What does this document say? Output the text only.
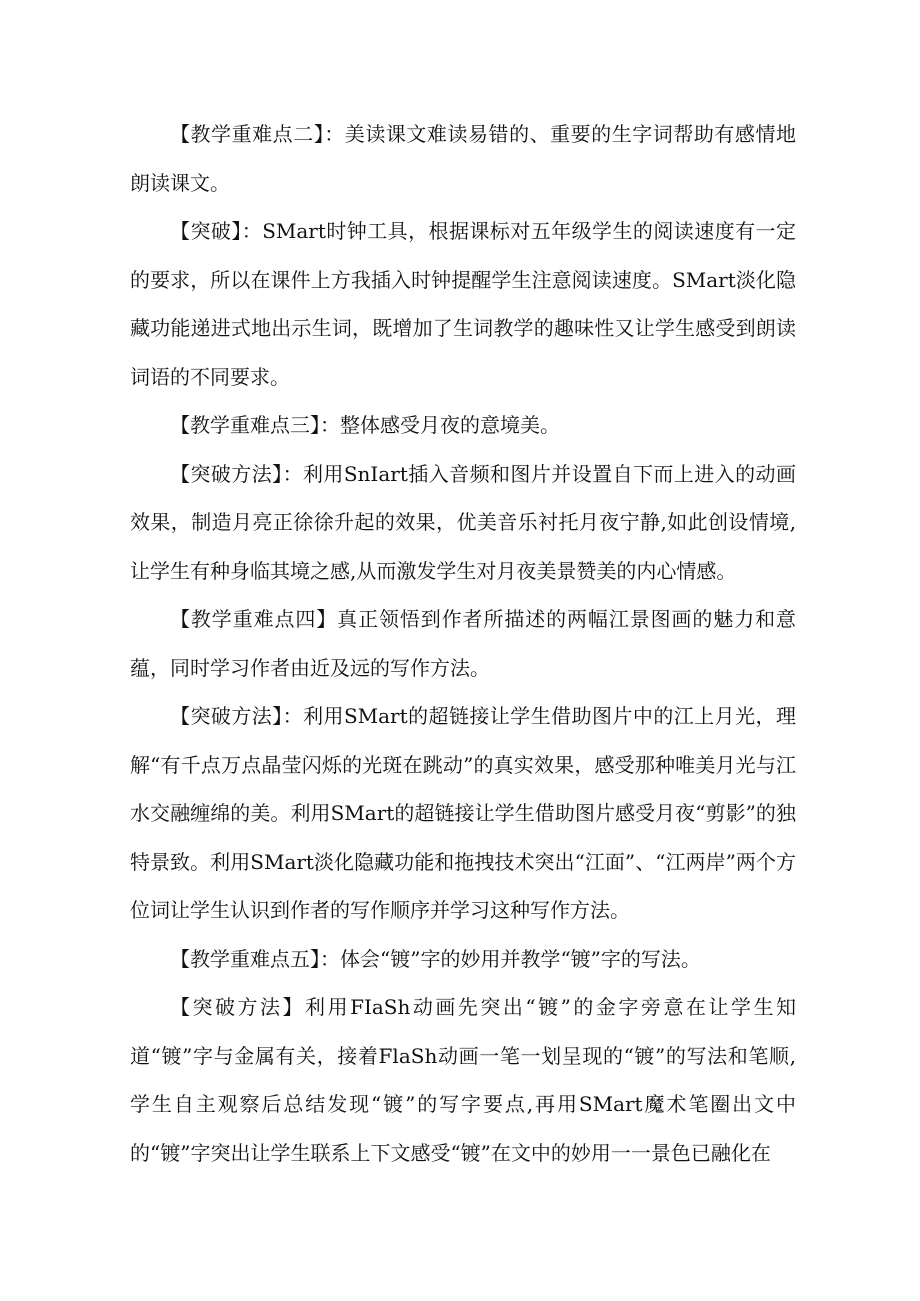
【教学重难点二】：美读课文难读易错的、重要的生字词帮助有感情地朗读课文。

【突破】：SMart时钟工具，根据课标对五年级学生的阅读速度有一定的要求，所以在课件上方我插入时钟提醒学生注意阅读速度。SMart淡化隐藏功能递进式地出示生词，既增加了生词教学的趣味性又让学生感受到朗读词语的不同要求。

【教学重难点三】：整体感受月夜的意境美。

【突破方法】：利用SnIart插入音频和图片并设置自下而上进入的动画效果，制造月亮正徐徐升起的效果，优美音乐衬托月夜宁静,如此创设情境,让学生有种身临其境之感,从而激发学生对月夜美景赞美的内心情感。

【教学重难点四】真正领悟到作者所描述的两幅江景图画的魅力和意蕴，同时学习作者由近及远的写作方法。

【突破方法】：利用SMart的超链接让学生借助图片中的江上月光，理解“有千点万点晶莹闪烁的光斑在跳动”的真实效果，感受那种唯美月光与江水交融缠绵的美。利用SMart的超链接让学生借助图片感受月夜“剪影”的独特景致。利用SMart淡化隐藏功能和拖拽技术突出“江面”、“江两岸”两个方位词让学生认识到作者的写作顺序并学习这种写作方法。

【教学重难点五】：体会“镀”字的妙用并教学“镀”字的写法。

【突破方法】利用FIaSh动画先突出“镀”的金字旁意在让学生知道“镀”字与金属有关，接着FlaSh动画一笔一划呈现的“镀”的写法和笔顺,学生自主观察后总结发现“镀”的写字要点,再用SMart魔术笔圈出文中的“镀”字突出让学生联系上下文感受“镀”在文中的妙用一一景色已融化在
